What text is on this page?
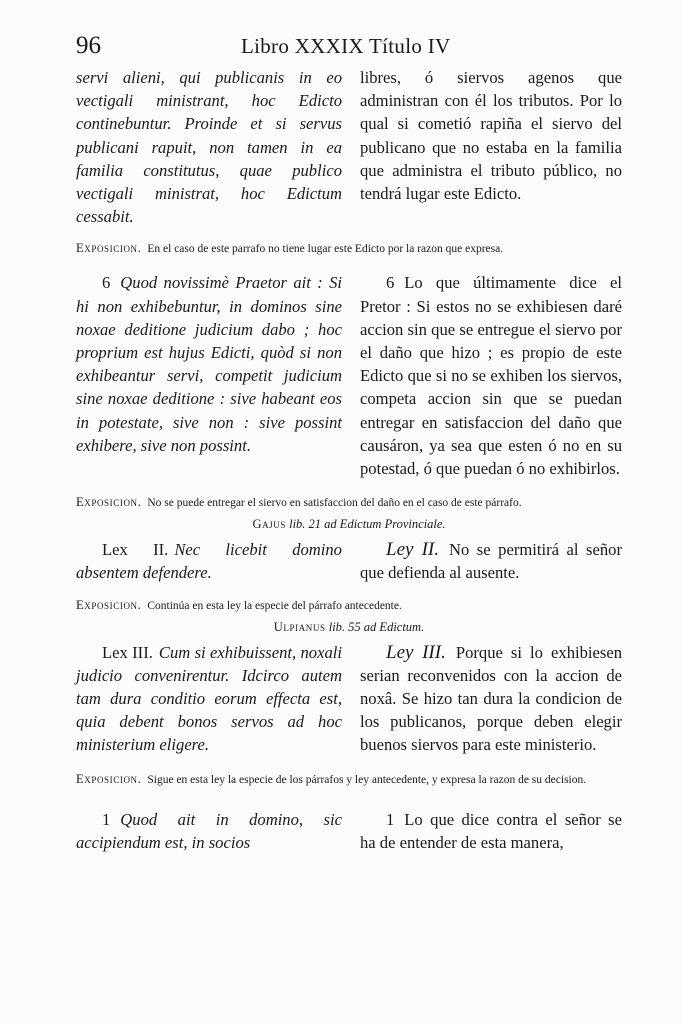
96	Libro XXXIX Título IV
servi alieni, qui publicanis in eo vectigali ministrant, hoc Edicto continebuntur. Proinde et si servus publicani rapuit, non tamen in ea familia constitutus, quae publico vectigali ministrat, hoc Edictum cessabit.
libres, ó siervos agenos que administran con él los tributos. Por lo qual si cometió rapiña el siervo del publicano que no estaba en la familia que administra el tributo público, no tendrá lugar este Edicto.
Exposicion. En el caso de este parrafo no tiene lugar este Edicto por la razon que expresa.
6 Quod novissimè Praetor ait : Si hi non exhibebuntur, in dominos sine noxae deditione judicium dabo ; hoc proprium est hujus Edicti, quòd si non exhibeantur servi, competit judicium sine noxae deditione : sive habeant eos in potestate, sive non : sive possint exhibere, sive non possint.
6 Lo que últimamente dice el Pretor : Si estos no se exhibiesen daré accion sin que se entregue el siervo por el daño que hizo ; es propio de este Edicto que si no se exhiben los siervos, competa accion sin que se puedan entregar en satisfaccion del daño que causáron, ya sea que esten ó no en su potestad, ó que puedan ó no exhibirlos.
Exposicion. No se puede entregar el siervo en satisfaccion del daño en el caso de este párrafo.
Gajus lib. 21 ad Edictum Provinciale.
Lex II. Nec licebit domino absentem defendere.
Ley II. No se permitirá al señor que defienda al ausente.
Exposicion. Continúa en esta ley la especie del párrafo antecedente.
Ulpianus lib. 55 ad Edictum.
Lex III. Cum si exhibuissent, noxali judicio convenirentur. Idcirco autem tam dura conditio eorum effecta est, quia debent bonos servos ad hoc ministerium eligere.
Ley III. Porque si lo exhibiesen serian reconvenidos con la accion de noxâ. Se hizo tan dura la condicion de los publicanos, porque deben elegir buenos siervos para este ministerio.
Exposicion. Sigue en esta ley la especie de los párrafos y ley antecedente, y expresa la razon de su decision.
1 Quod ait in domino, sic accipiendum est, in socios
1 Lo que dice contra el señor se ha de entender de esta manera,
